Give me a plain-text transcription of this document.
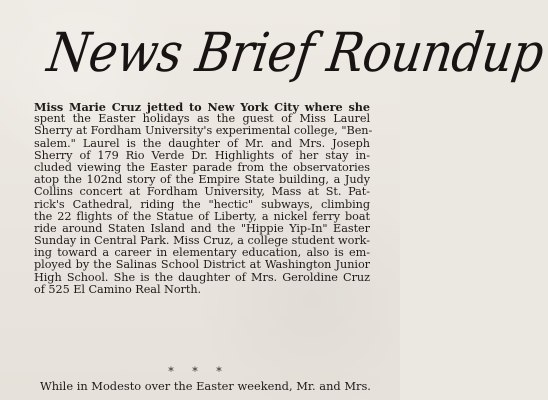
News Brief Roundup
Miss Marie Cruz jetted to New York City where she
spent the Easter holidays as the guest of Miss Laurel
Sherry at Fordham University's experimental college, "Ben-
salem." Laurel is the daughter of Mr. and Mrs. Joseph
Sherry of 179 Rio Verde Dr. Highlights of her stay in-
cluded viewing the Easter parade from the observatories
atop the 102nd story of the Empire State building, a Judy
Collins concert at Fordham University, Mass at St. Pat-
rick's Cathedral, riding the "hectic" subways, climbing
the 22 flights of the Statue of Liberty, a nickel ferry boat
ride around Staten Island and the "Hippie Yip-In" Easter
Sunday in Central Park. Miss Cruz, a college student work-
ing toward a career in elementary education, also is em-
ployed by the Salinas School District at Washington Junior
High School. She is the daughter of Mrs. Geroldine Cruz
of 525 El Camino Real North.
* * *
While in Modesto over the Easter weekend, Mr. and Mrs.
